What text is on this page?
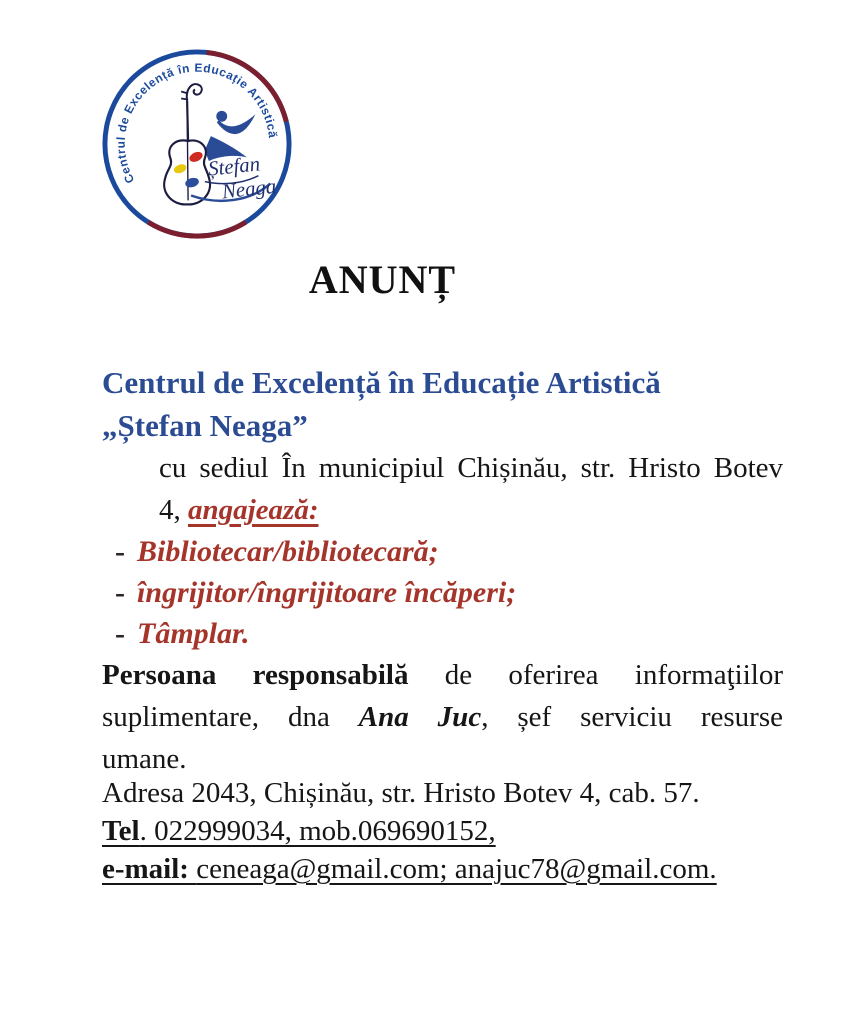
Centrul de Excelență în Educație Artistică
Ștefan
Neaga
ANUNȚ
Centrul de Excelență în Educație Artistică
„Ștefan Neaga”
cu sediul În municipiul Chișinău, str. Hristo Botev
4, angajează:
- Bibliotecar/bibliotecară;
- îngrijitor/îngrijitoare încăperi;
- Tâmplar.
Persoana responsabilă de oferirea informaţiilor
suplimentare, dna Ana Juc, șef serviciu resurse
umane.

Adresa 2043, Chișinău, str. Hristo Botev 4, cab. 57.

Tel. 022999034, mob.069690152,

e-mail: ceneaga@gmail.com; anajuc78@gmail.com.
